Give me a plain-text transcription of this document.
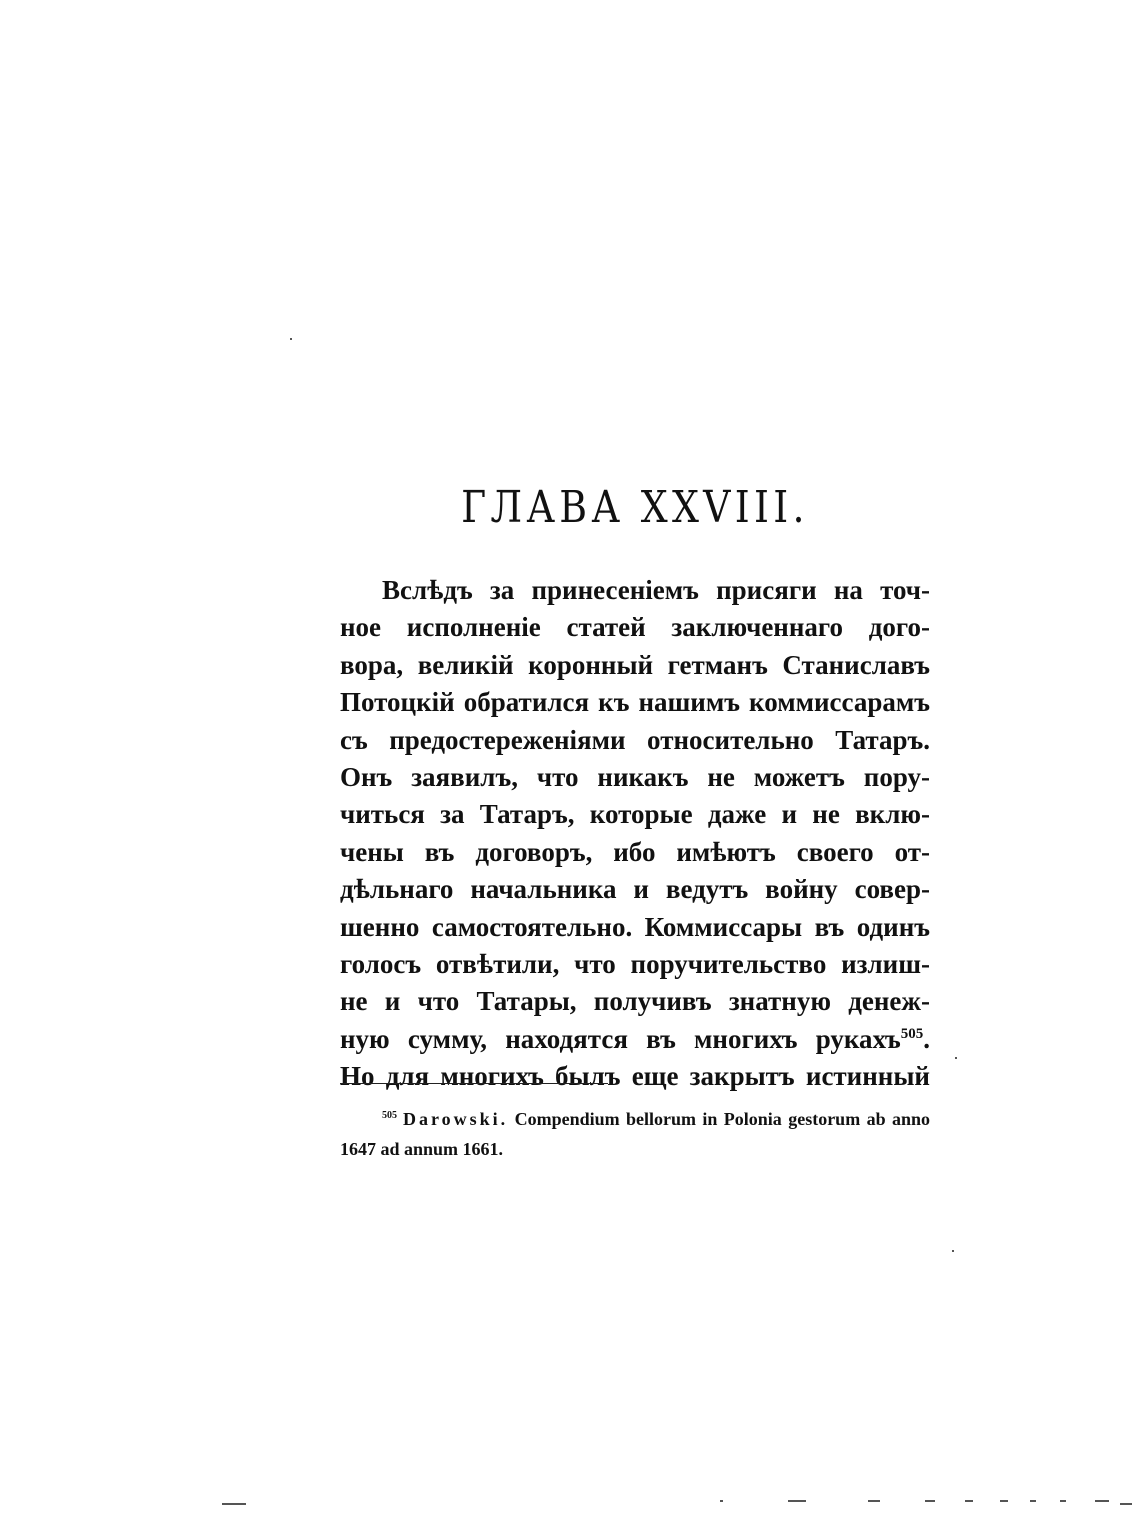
ГЛАВА XXVIII.
Вслѣдъ за принесеніемъ присяги на точ-
ное исполненіе статей заключеннаго дого-
вора, великій коронный гетманъ Станиславъ
Потоцкій обратился къ нашимъ коммиссарамъ
съ предостереженіями относительно Татаръ.
Онъ заявилъ, что никакъ не можетъ пору-
читься за Татаръ, которые даже и не вклю-
чены въ договоръ, ибо имѣютъ своего от-
дѣльнаго начальника и ведутъ войну совер-
шенно самостоятельно. Коммиссары въ одинъ
голосъ отвѣтили, что поручительство излиш-
не и что Татары, получивъ знатную денеж-
ную сумму, находятся въ многихъ рукахъ$^{505}$.
Но для многихъ былъ еще закрытъ истинный
$^{505}$ Darowski. Compendium bellorum in Polonia gestorum ab anno
1647 ad annum 1661.
